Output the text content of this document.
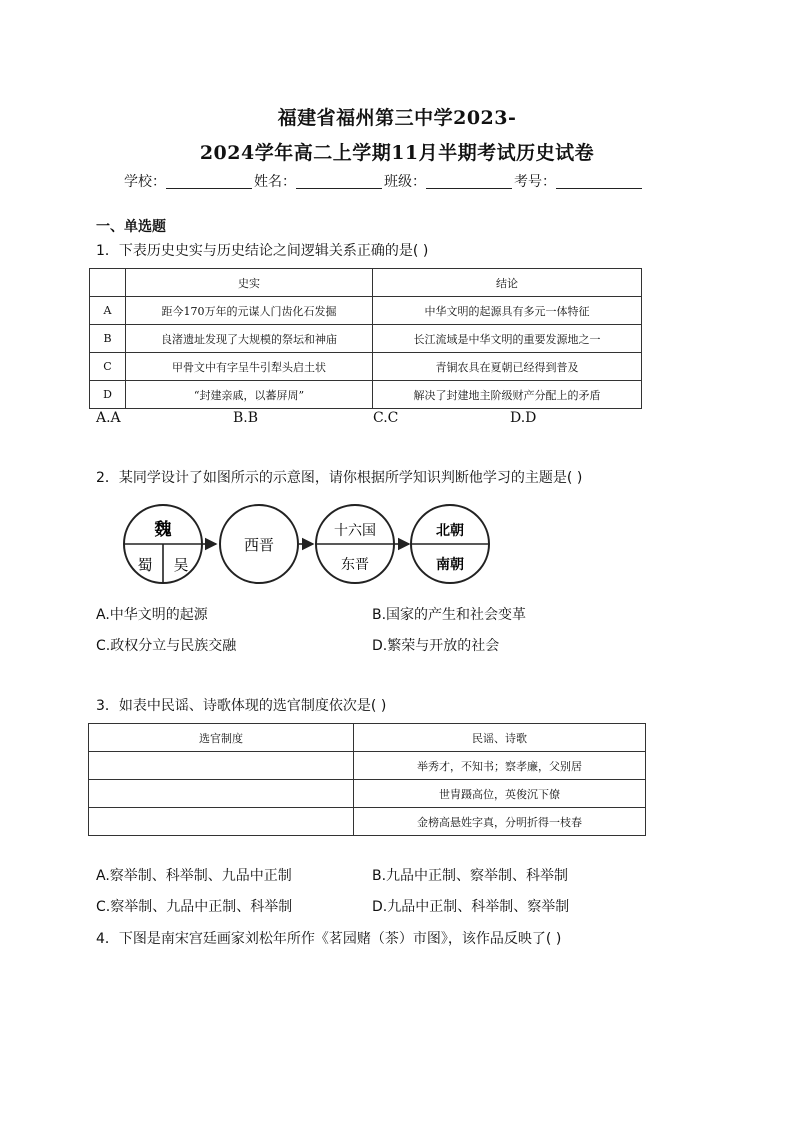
福建省福州第三中学2023-
2024学年高二上学期11月半期考试历史试卷
学校：	姓名：	班级：	考号：
一、单选题
1．下表历史史实与历史结论之间逻辑关系正确的是( )
	史实	结论
A	距今170万年的元谋人门齿化石发掘	中华文明的起源具有多元一体特征
B	良渚遗址发现了大规模的祭坛和神庙	长江流域是中华文明的重要发源地之一
C	甲骨文中有字呈牛引犁头启土状	青铜农具在夏朝已经得到普及
D	“封建亲戚，以蕃屏周”	解决了封建地主阶级财产分配上的矛盾
A.A	B.B	C.C	D.D
2．某同学设计了如图所示的示意图，请你根据所学知识判断他学习的主题是( )
魏
蜀 吴
西晋
十六国
东晋
北朝
南朝
A.中华文明的起源	B.国家的产生和社会变革
C.政权分立与民族交融	D.繁荣与开放的社会
3．如表中民谣、诗歌体现的选官制度依次是( )
选官制度	民谣、诗歌
	举秀才，不知书；察孝廉，父别居
	世胄蹑高位，英俊沉下僚
	金榜高悬姓字真，分明折得一枝春
A.察举制、科举制、九品中正制	B.九品中正制、察举制、科举制
C.察举制、九品中正制、科举制	D.九品中正制、科举制、察举制
4．下图是南宋宫廷画家刘松年所作《茗园赌（茶）市图》，该作品反映了( )
